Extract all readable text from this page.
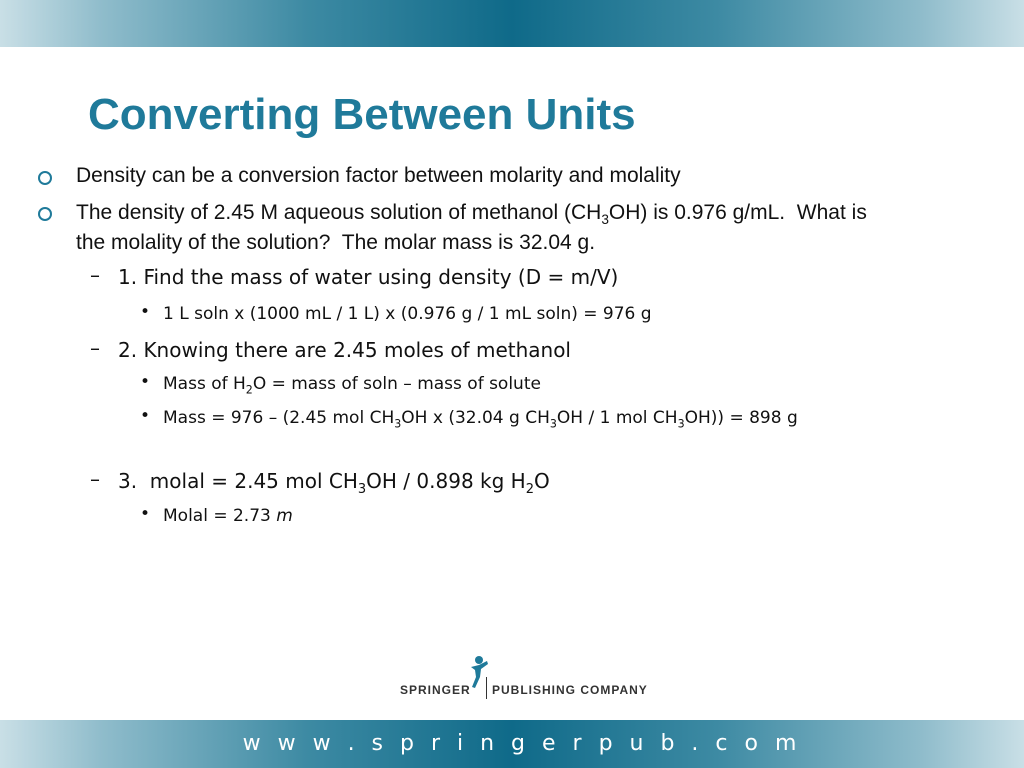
Converting Between Units
Density can be a conversion factor between molarity and molality
The density of 2.45 M aqueous solution of methanol $(CH_3OH)$ is 0.976 g/mL.  What is the molality of the solution?  The molar mass is 32.04 g.
– 1. Find the mass of water using density (D = m/V)
• 1 L soln x (1000 mL / 1 L) x (0.976 g / 1 mL soln) = 976 g
– 2. Knowing there are 2.45 moles of methanol
• Mass of $H_2O$ = mass of soln – mass of solute
• Mass = 976 – (2.45 mol $CH_3OH$ x (32.04 g $CH_3OH / 1$ mol $CH_3OH)) = 898$ g
– 3.  molal = 2.45 mol $CH_3OH / 0.898$ kg $H_2O$
• Molal = 2.73 m
SPRINGER PUBLISHING COMPANY
w w w . s p r i n g e r p u b . c o m
